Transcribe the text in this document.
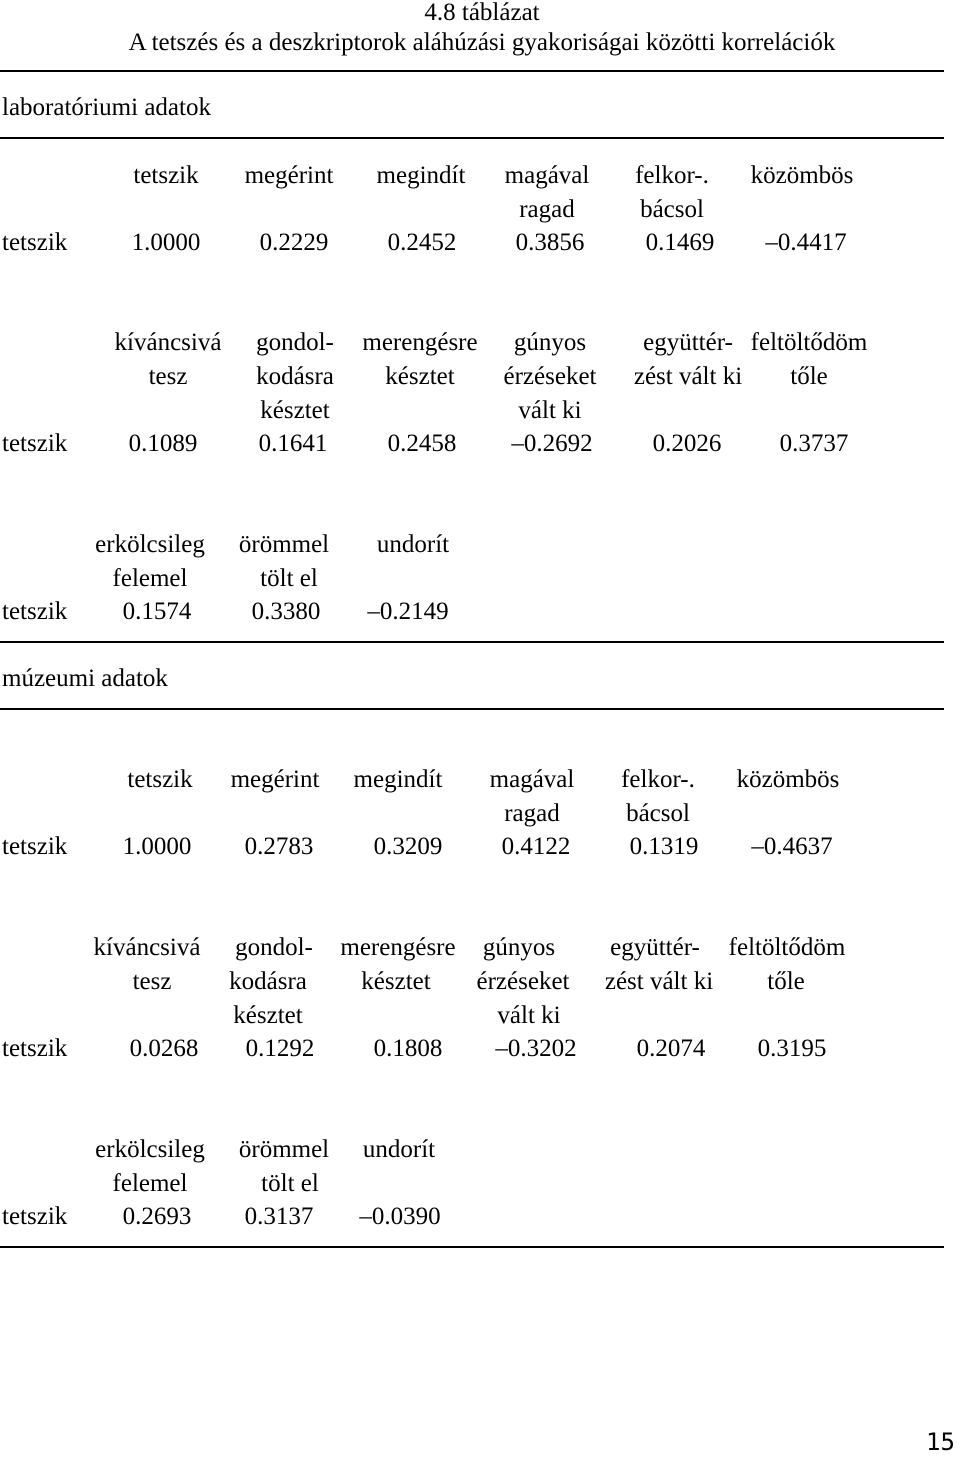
4.8 táblázat
A tetszés és a deszkriptorok aláhúzási gyakoriságai közötti korrelációk
laboratóriumi adatok
tetszik megérint megindít magával
ragad
felkor-.
bácsol
közömbös
tetszik	1.0000 0.2229 0.2452 0.3856 0.1469 –0.4417
kíváncsivá
tesz
gondol-
kodásra
késztet
merengésre
késztet
gúnyos
érzéseket
vált ki
együttér-
zést vált ki
feltöltődöm
tőle
tetszik 0.1089 0.1641 0.2458 –0.2692 0.2026 0.3737
erkölcsileg
felemel
örömmel
tölt el
undorít
tetszik 0.1574 0.3380 –0.2149
múzeumi adatok
tetszik megérint megindít magával
ragad
felkor-.
bácsol
közömbös
tetszik 1.0000 0.2783 0.3209 0.4122 0.1319 –0.4637
kíváncsivá
tesz
gondol-
kodásra
késztet
merengésre
késztet
gúnyos
érzéseket
vált ki
együttér-
zést vált ki
feltöltődöm
tőle
tetszik 0.0268 0.1292 0.1808 –0.3202 0.2074 0.3195
erkölcsileg
felemel
örömmel
tölt el
undorít
tetszik 0.2693 0.3137 –0.0390
15
